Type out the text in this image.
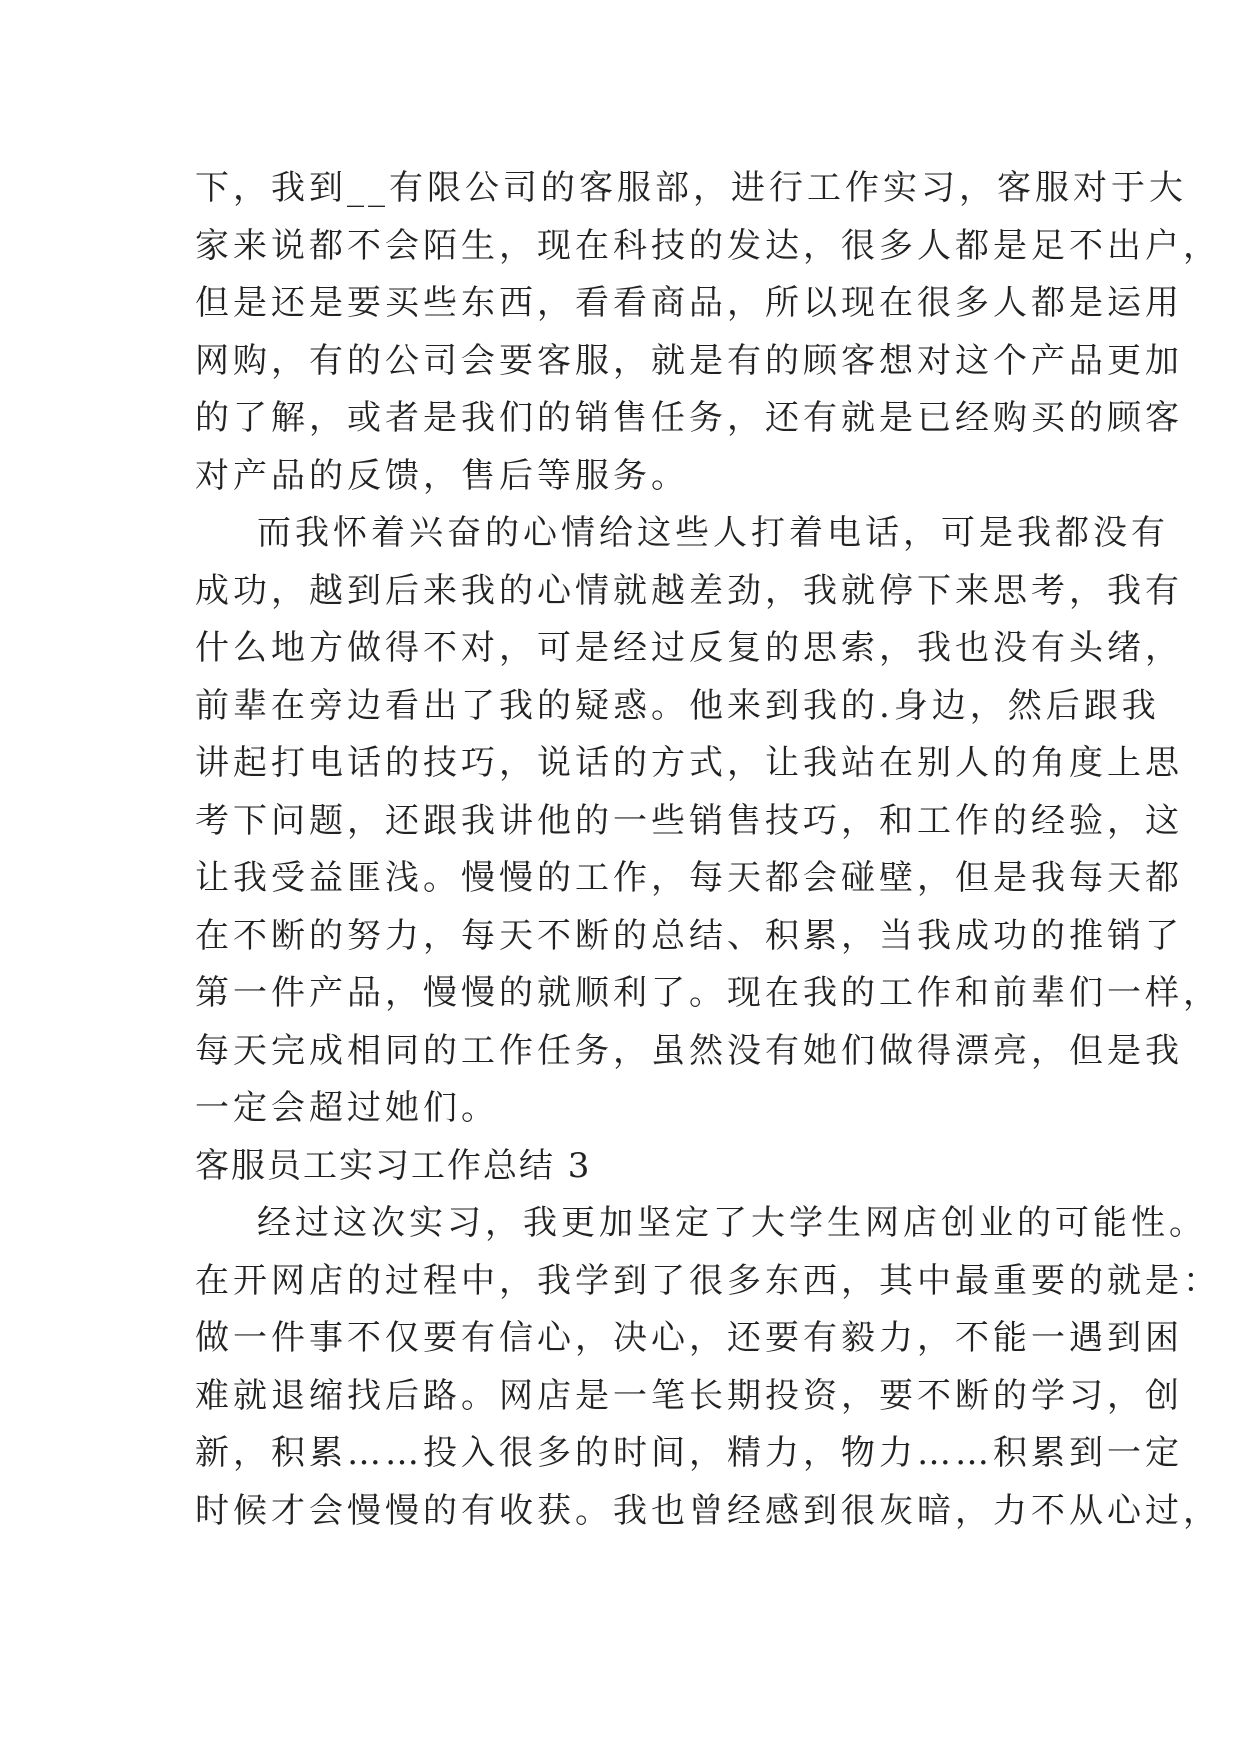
下，我到__有限公司的客服部，进行工作实习，客服对于大
家来说都不会陌生，现在科技的发达，很多人都是足不出户，
但是还是要买些东西，看看商品，所以现在很多人都是运用
网购，有的公司会要客服，就是有的顾客想对这个产品更加
的了解，或者是我们的销售任务，还有就是已经购买的顾客
对产品的反馈，售后等服务。
而我怀着兴奋的心情给这些人打着电话，可是我都没有
成功，越到后来我的心情就越差劲，我就停下来思考，我有
什么地方做得不对，可是经过反复的思索，我也没有头绪，
前辈在旁边看出了我的疑惑。他来到我的.身边，然后跟我
讲起打电话的技巧，说话的方式，让我站在别人的角度上思
考下问题，还跟我讲他的一些销售技巧，和工作的经验，这
让我受益匪浅。慢慢的工作，每天都会碰壁，但是我每天都
在不断的努力，每天不断的总结、积累，当我成功的推销了
第一件产品，慢慢的就顺利了。现在我的工作和前辈们一样，
每天完成相同的工作任务，虽然没有她们做得漂亮，但是我
一定会超过她们。
客服员工实习工作总结 3
经过这次实习，我更加坚定了大学生网店创业的可能性。
在开网店的过程中，我学到了很多东西，其中最重要的就是：
做一件事不仅要有信心，决心，还要有毅力，不能一遇到困
难就退缩找后路。网店是一笔长期投资，要不断的学习，创
新，积累……投入很多的时间，精力，物力……积累到一定
时候才会慢慢的有收获。我也曾经感到很灰暗，力不从心过，
